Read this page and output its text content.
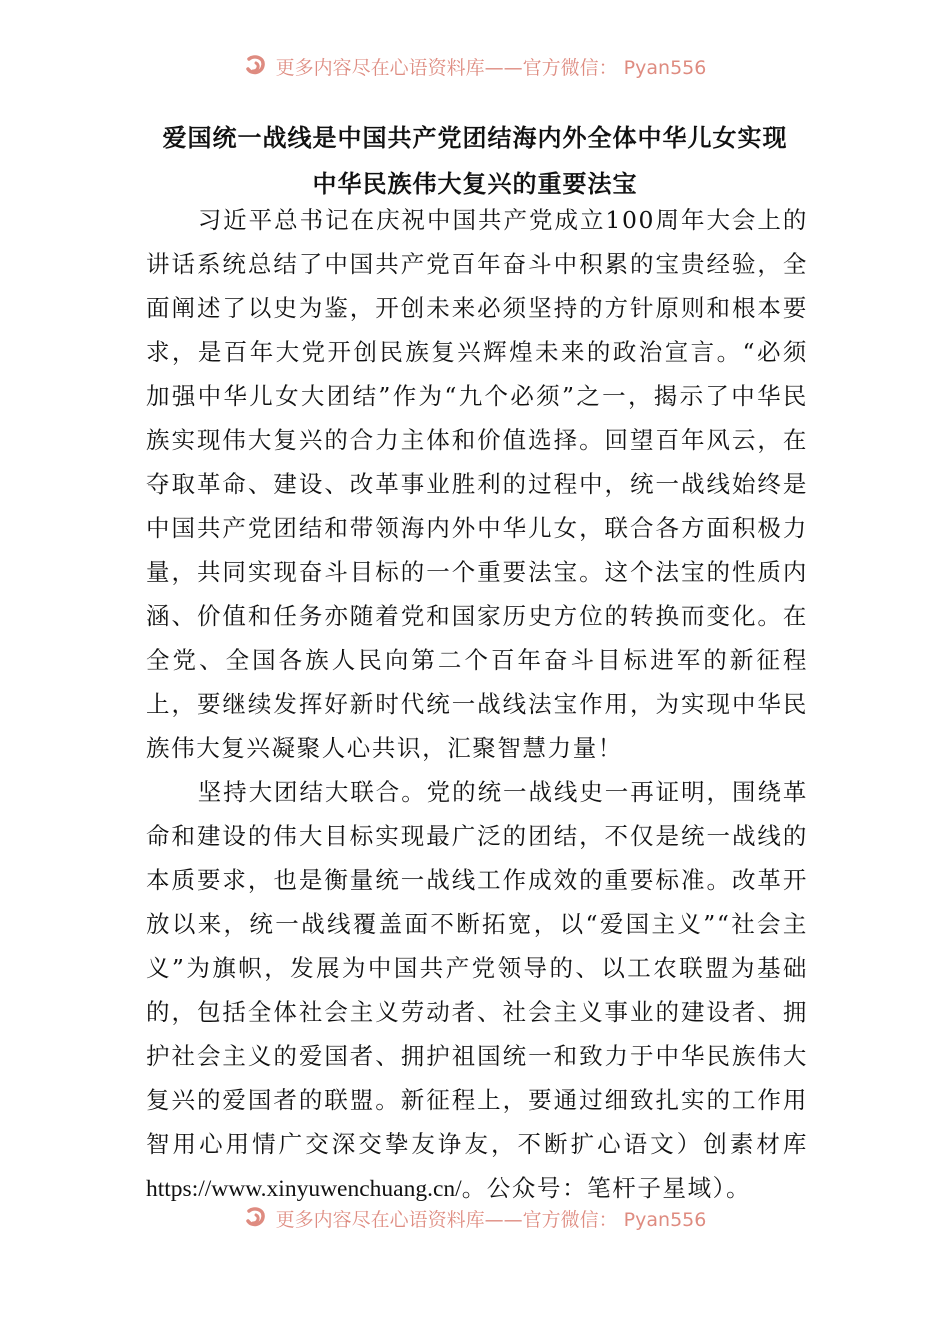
更多内容尽在心语资料库——官方微信： Pyan556
爱国统一战线是中国共产党团结海内外全体中华儿女实现
中华民族伟大复兴的重要法宝

习近平总书记在庆祝中国共产党成立100周年大会上的讲话系统总结了中国共产党百年奋斗中积累的宝贵经验，全面阐述了以史为鉴，开创未来必须坚持的方针原则和根本要求，是百年大党开创民族复兴辉煌未来的政治宣言。“必须加强中华儿女大团结”作为“九个必须”之一，揭示了中华民族实现伟大复兴的合力主体和价值选择。回望百年风云，在夺取革命、建设、改革事业胜利的过程中，统一战线始终是中国共产党团结和带领海内外中华儿女，联合各方面积极力量，共同实现奋斗目标的一个重要法宝。这个法宝的性质内涵、价值和任务亦随着党和国家历史方位的转换而变化。在全党、全国各族人民向第二个百年奋斗目标进军的新征程上，要继续发挥好新时代统一战线法宝作用，为实现中华民族伟大复兴凝聚人心共识，汇聚智慧力量！

坚持大团结大联合。党的统一战线史一再证明，围绕革命和建设的伟大目标实现最广泛的团结，不仅是统一战线的本质要求，也是衡量统一战线工作成效的重要标准。改革开放以来，统一战线覆盖面不断拓宽，以“爱国主义”“社会主义”为旗帜，发展为中国共产党领导的、以工农联盟为基础的，包括全体社会主义劳动者、社会主义事业的建设者、拥护社会主义的爱国者、拥护祖国统一和致力于中华民族伟大复兴的爱国者的联盟。新征程上，要通过细致扎实的工作用智用心用情广交深交挚友诤友，不断扩心语文）创素材库https://www.xinyuwenchuang.cn/。公众号：笔杆子星域）。

更多内容尽在心语资料库——官方微信： Pyan556
